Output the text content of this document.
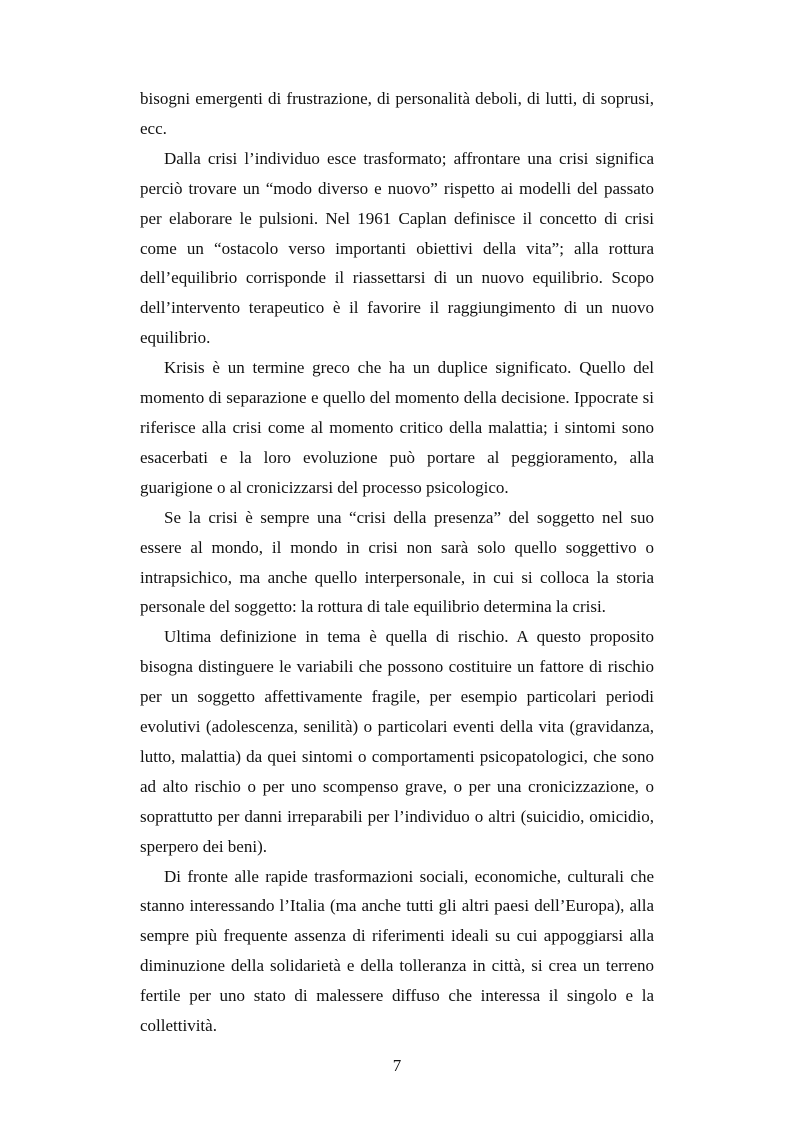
bisogni emergenti di frustrazione, di personalità deboli, di lutti, di soprusi, ecc.

Dalla crisi l’individuo esce trasformato; affrontare una crisi significa perciò trovare un “modo diverso e nuovo” rispetto ai modelli del passato per elaborare le pulsioni. Nel 1961 Caplan definisce il concetto di crisi come un “ostacolo verso importanti obiettivi della vita”; alla rottura dell’equilibrio corrisponde il riassettarsi di un nuovo equilibrio. Scopo dell’intervento terapeutico è il favorire il raggiungimento di un nuovo equilibrio.

Krisis è un termine greco che ha un duplice significato. Quello del momento di separazione e quello del momento della decisione. Ippocrate si riferisce alla crisi come al momento critico della malattia; i sintomi sono esacerbati e la loro evoluzione può portare al peggioramento, alla guarigione o al cronicizzarsi del processo psicologico.

Se la crisi è sempre una “crisi della presenza” del soggetto nel suo essere al mondo, il mondo in crisi non sarà solo quello soggettivo o intrapsichico, ma anche quello interpersonale, in cui si colloca la storia personale del soggetto: la rottura di tale equilibrio determina la crisi.

Ultima definizione in tema è quella di rischio. A questo proposito bisogna distinguere le variabili che possono costituire un fattore di rischio per un soggetto affettivamente fragile, per esempio particolari periodi evolutivi (adolescenza, senilità) o particolari eventi della vita (gravidanza, lutto, malattia) da quei sintomi o comportamenti psicopatologici, che sono ad alto rischio o per uno scompenso grave, o per una cronicizzazione, o soprattutto per danni irreparabili per l’individuo o altri (suicidio, omicidio, sperpero dei beni).

Di fronte alle rapide trasformazioni sociali, economiche, culturali che stanno interessando l’Italia (ma anche tutti gli altri paesi dell’Europa), alla sempre più frequente assenza di riferimenti ideali su cui appoggiarsi alla diminuzione della solidarietà e della tolleranza in città, si crea un terreno fertile per uno stato di malessere diffuso che interessa il singolo e la collettività.

7
